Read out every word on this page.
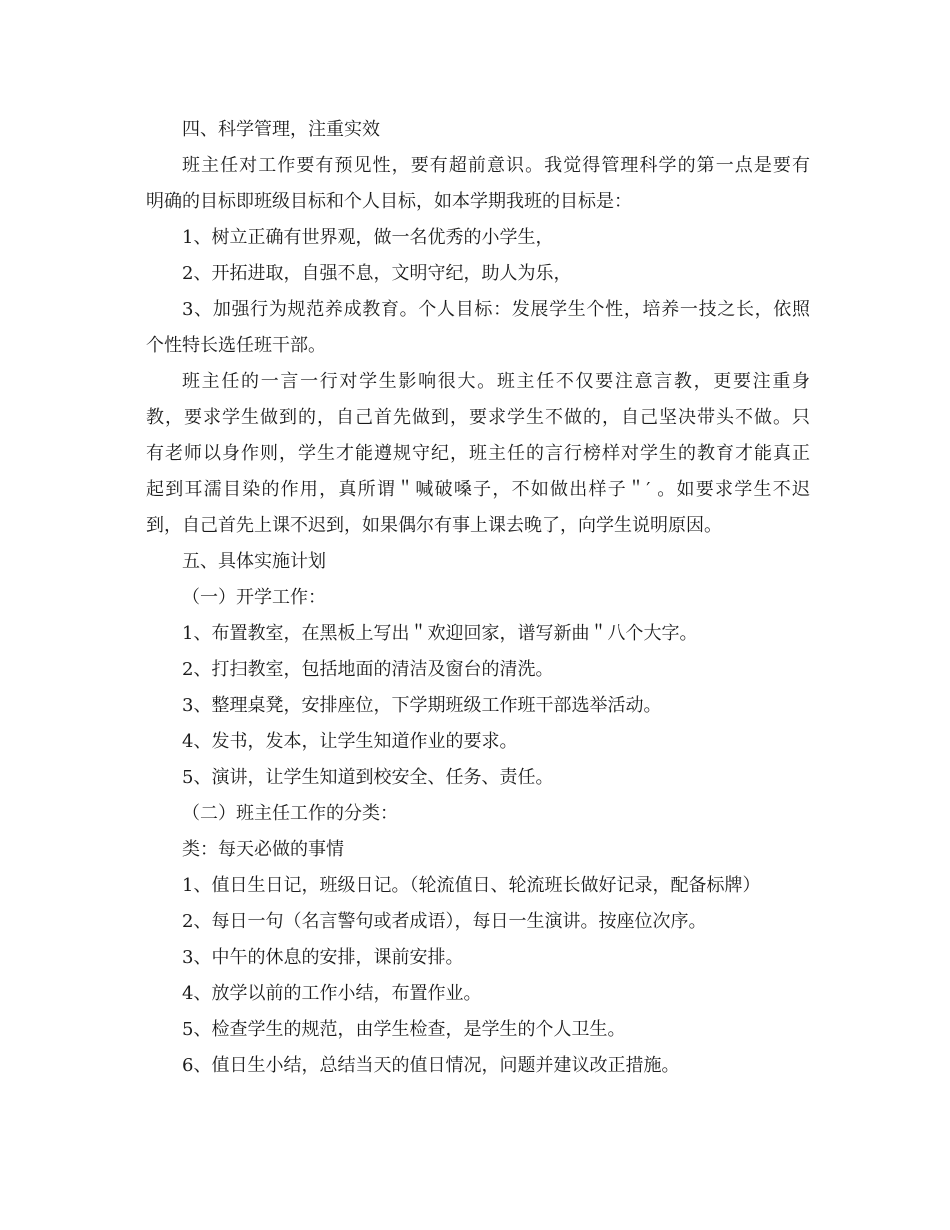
四、科学管理，注重实效

班主任对工作要有预见性，要有超前意识。我觉得管理科学的第一点是要有

明确的目标即班级目标和个人目标，如本学期我班的目标是：

1、树立正确有世界观，做一名优秀的小学生，

2、开拓进取，自强不息，文明守纪，助人为乐，

3、加强行为规范养成教育。个人目标：发展学生个性，培养一技之长，依照

个性特长选任班干部。

班主任的一言一行对学生影响很大。班主任不仅要注意言教，更要注重身

教，要求学生做到的，自己首先做到，要求学生不做的，自己坚决带头不做。只

有老师以身作则，学生才能遵规守纪，班主任的言行榜样对学生的教育才能真正

起到耳濡目染的作用，真所谓＂喊破嗓子，不如做出样子＂′ 。如要求学生不迟

到，自己首先上课不迟到，如果偶尔有事上课去晚了，向学生说明原因。

五、具体实施计划

（一）开学工作：

1、布置教室，在黑板上写出＂欢迎回家，谱写新曲＂八个大字。

2、打扫教室，包括地面的清洁及窗台的清洗。

3、整理桌凳，安排座位，下学期班级工作班干部选举活动。

4、发书，发本，让学生知道作业的要求。

5、演讲，让学生知道到校安全、任务、责任。

（二）班主任工作的分类：

类：每天必做的事情

1、值日生日记，班级日记。（轮流值日、轮流班长做好记录，配备标牌）

2、每日一句（名言警句或者成语），每日一生演讲。按座位次序。

3、中午的休息的安排，课前安排。

4、放学以前的工作小结，布置作业。

5、检查学生的规范，由学生检查，是学生的个人卫生。

6、值日生小结，总结当天的值日情况，问题并建议改正措施。
